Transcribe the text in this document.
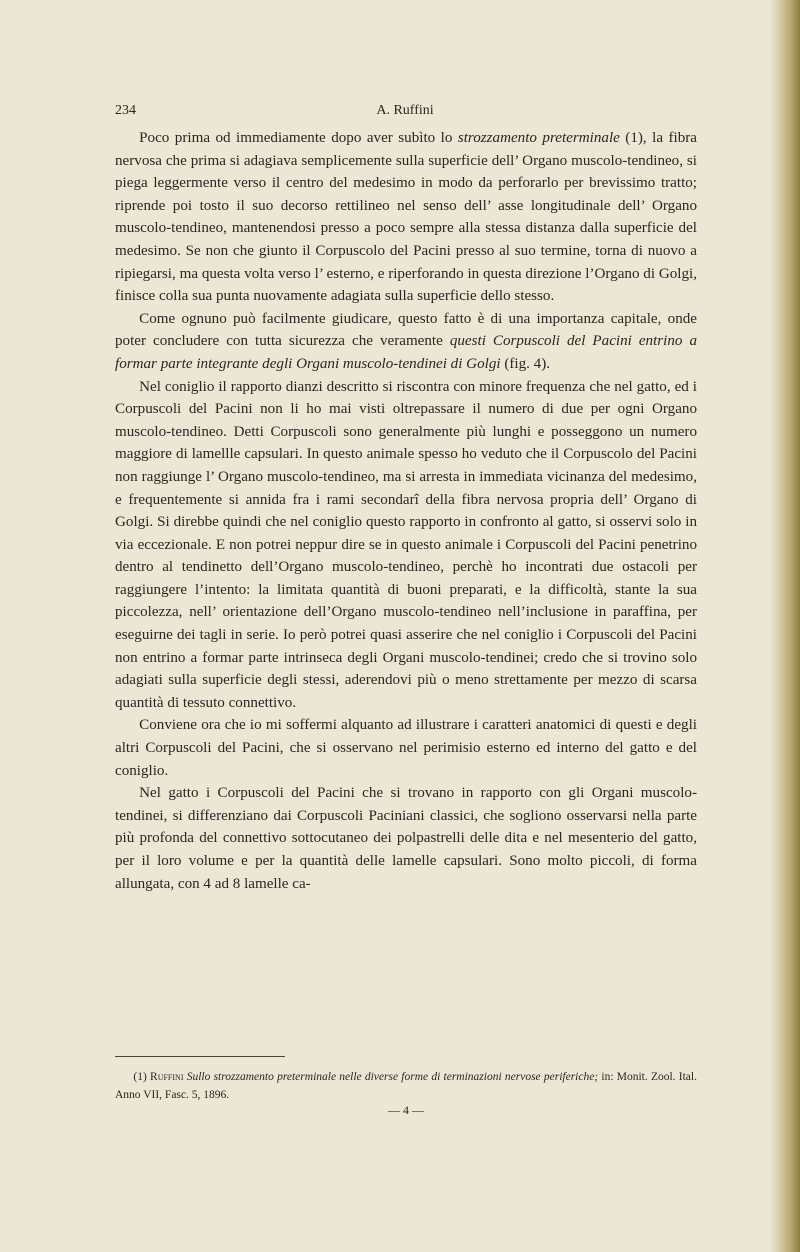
234	A. Ruffini

Poco prima od immediamente dopo aver subìto lo strozzamento preterminale (1), la fibra nervosa che prima si adagiava semplicemente sulla superficie dell’ Organo muscolo-tendineo, si piega leggermente verso il centro del medesimo in modo da perforarlo per brevissimo tratto; riprende poi tosto il suo decorso rettilineo nel senso dell’ asse longitudinale dell’ Organo muscolo-tendineo, mantenendosi presso a poco sempre alla stessa distanza dalla superficie del medesimo. Se non che giunto il Corpuscolo del Pacini presso al suo termine, torna di nuovo a ripiegarsi, ma questa volta verso l’ esterno, e riperforando in questa direzione l’Organo di Golgi, finisce colla sua punta nuovamente adagiata sulla superficie dello stesso.

Come ognuno può facilmente giudicare, questo fatto è di una importanza capitale, onde poter concludere con tutta sicurezza che veramente questi Corpuscoli del Pacini entrino a formar parte integrante degli Organi muscolo-tendinei di Golgi (fig. 4).

Nel coniglio il rapporto dianzi descritto si riscontra con minore frequenza che nel gatto, ed i Corpuscoli del Pacini non li ho mai visti oltrepassare il numero di due per ogni Organo muscolo-tendineo. Detti Corpuscoli sono generalmente più lunghi e posseggono un numero maggiore di lamellle capsulari. In questo animale spesso ho veduto che il Corpuscolo del Pacini non raggiunge l’ Organo muscolo-tendineo, ma si arresta in immediata vicinanza del medesimo, e frequentemente si annida fra i rami secondarî della fibra nervosa propria dell’ Organo di Golgi. Si direbbe quindi che nel coniglio questo rapporto in confronto al gatto, si osservi solo in via eccezionale. E non potrei neppur dire se in questo animale i Corpuscoli del Pacini penetrino dentro al tendinetto dell’Organo muscolo-tendineo, perchè ho incontrati due ostacoli per raggiungere l’intento: la limitata quantità di buoni preparati, e la difficoltà, stante la sua piccolezza, nell’ orientazione dell’Organo muscolo-tendineo nell’inclusione in paraffina, per eseguirne dei tagli in serie. Io però potrei quasi asserire che nel coniglio i Corpuscoli del Pacini non entrino a formar parte intrinseca degli Organi muscolo-tendinei; credo che si trovino solo adagiati sulla superficie degli stessi, aderendovi più o meno strettamente per mezzo di scarsa quantità di tessuto connettivo.

Conviene ora che io mi soffermi alquanto ad illustrare i caratteri anatomici di questi e degli altri Corpuscoli del Pacini, che si osservano nel perimisio esterno ed interno del gatto e del coniglio.

Nel gatto i Corpuscoli del Pacini che si trovano in rapporto con gli Organi muscolo-tendinei, si differenziano dai Corpuscoli Paciniani classici, che sogliono osservarsi nella parte più profonda del connettivo sottocutaneo dei polpastrelli delle dita e nel mesenterio del gatto, per il loro volume e per la quantità delle lamelle capsulari. Sono molto piccoli, di forma allungata, con 4 ad 8 lamelle ca-

(1) Ruffini Sullo strozzamento preterminale nelle diverse forme di terminazioni nervose periferiche; in: Monit. Zool. Ital. Anno VII, Fasc. 5, 1896.
— 4 —
